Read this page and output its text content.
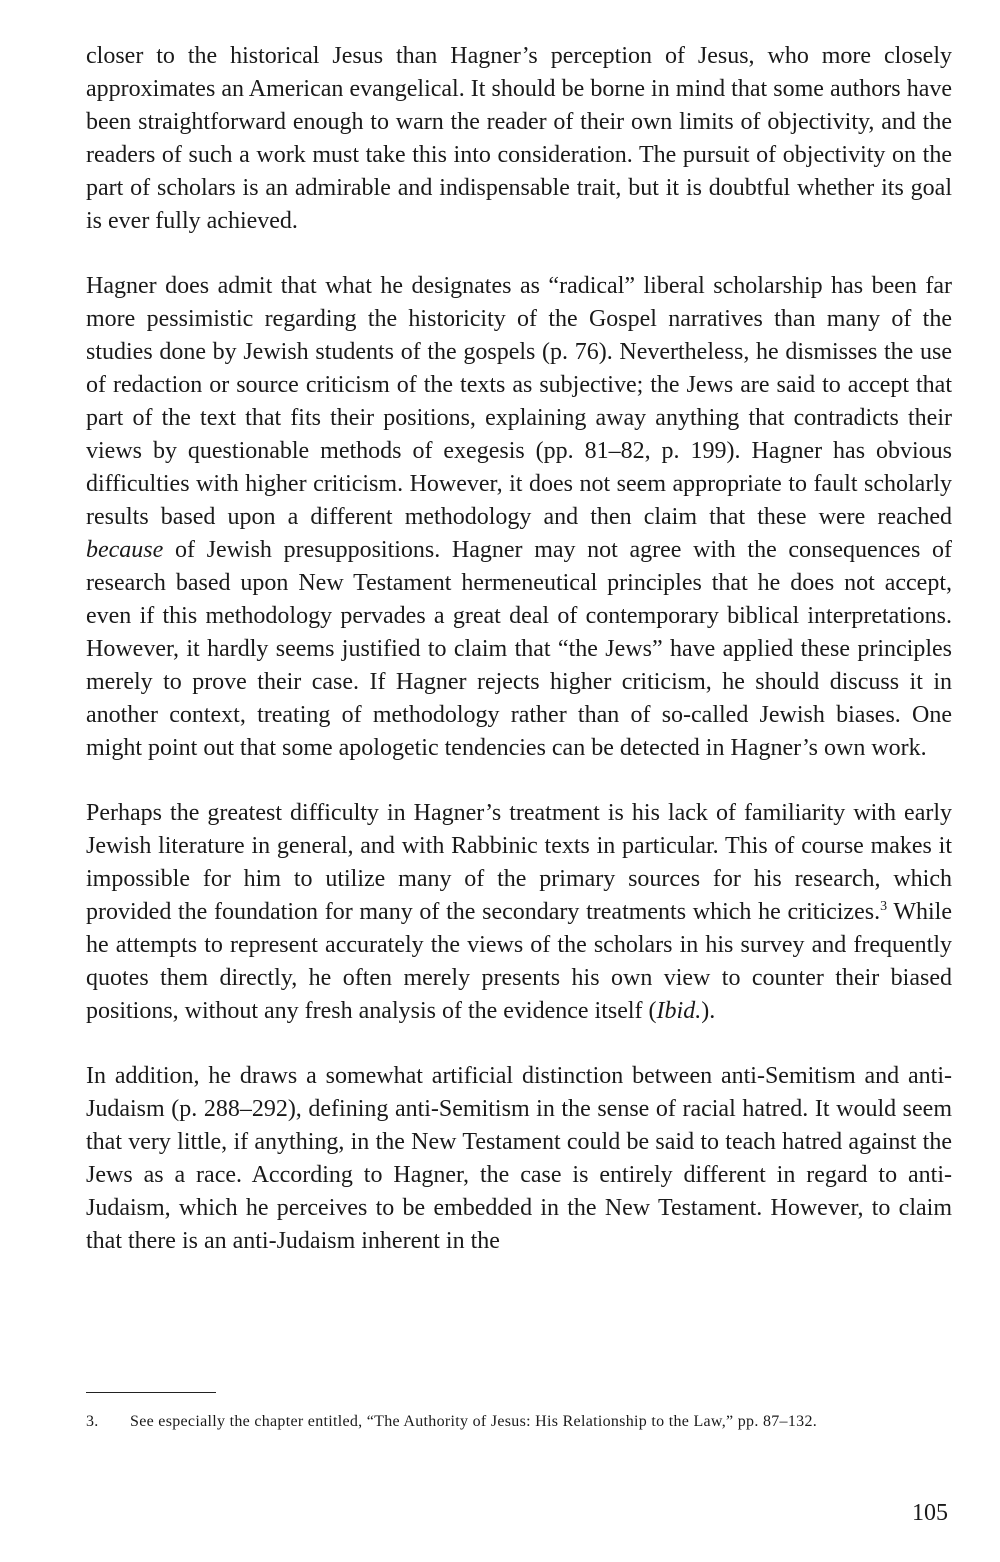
closer to the historical Jesus than Hagner’s perception of Jesus, who more closely approximates an American evangelical. It should be borne in mind that some authors have been straightforward enough to warn the reader of their own limits of objectivity, and the readers of such a work must take this into consideration. The pursuit of objectivity on the part of scholars is an admirable and indispensable trait, but it is doubtful whether its goal is ever fully achieved.

Hagner does admit that what he designates as “radical” liberal scholarship has been far more pessimistic regarding the historicity of the Gospel narratives than many of the studies done by Jewish students of the gospels (p. 76). Nevertheless, he dismisses the use of redaction or source criticism of the texts as subjective; the Jews are said to accept that part of the text that fits their positions, explaining away anything that contradicts their views by questionable methods of exegesis (pp. 81–82, p. 199). Hagner has obvious difficulties with higher criticism. However, it does not seem appropriate to fault scholarly results based upon a different methodology and then claim that these were reached because of Jewish presuppositions. Hagner may not agree with the consequences of research based upon New Testament hermeneutical principles that he does not accept, even if this methodology pervades a great deal of contemporary biblical interpretations. However, it hardly seems justified to claim that “the Jews” have applied these principles merely to prove their case. If Hagner rejects higher criticism, he should discuss it in another context, treating of methodology rather than of so-called Jewish biases. One might point out that some apologetic tendencies can be detected in Hagner’s own work.

Perhaps the greatest difficulty in Hagner’s treatment is his lack of familiarity with early Jewish literature in general, and with Rabbinic texts in particular. This of course makes it impossible for him to utilize many of the primary sources for his research, which provided the foundation for many of the secondary treatments which he criticizes.$^3$ While he attempts to represent accurately the views of the scholars in his survey and frequently quotes them directly, he often merely presents his own view to counter their biased positions, without any fresh analysis of the evidence itself (Ibid.).

In addition, he draws a somewhat artificial distinction between anti-Semitism and anti-Judaism (p. 288–292), defining anti-Semitism in the sense of racial hatred. It would seem that very little, if anything, in the New Testament could be said to teach hatred against the Jews as a race. According to Hagner, the case is entirely different in regard to anti-Judaism, which he perceives to be embedded in the New Testament. However, to claim that there is an anti-Judaism inherent in the

3. See especially the chapter entitled, “The Authority of Jesus: His Relationship to the Law,” pp. 87–132.
105
